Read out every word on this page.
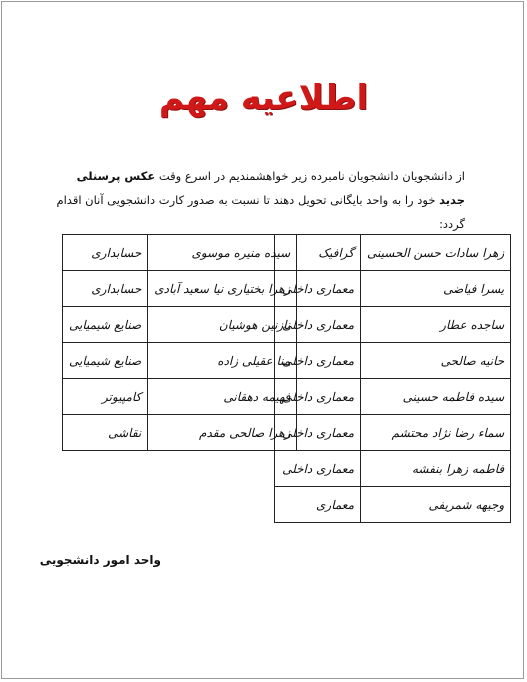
اطلاعیه مهم
از دانشجویان دانشجویان نامبرده زیر خواهشمندیم در اسرع وقت عکس پرسنلی جدید خود را به واحد بایگانی تحویل دهند تا نسبت به صدور کارت دانشجویی آنان اقدام گردد:
زهرا سادات حسن الحسینی	گرافیک
یسرا فیاضی	معماری داخلی
ساجده عطار	معماری داخلی
حانیه صالحی	معماری داخلی
سیده فاطمه حسینی	معماری داخلی
سماء رضا نژاد محتشم	معماری داخلی
فاطمه زهرا بنفشه	معماری داخلی
وجیهه شمریفی	معماری
سیده منیره موسوی	حسابداری
زهرا بختیاری نیا سعید آبادی	حسابداری
نازنین هوشیان	صنایع شیمیایی
منا عقیلی زاده	صنایع شیمیایی
فهیمه دهقانی	کامپیوتر
زهرا صالحی مقدم	نقاشی
واحد امور دانشجویی
